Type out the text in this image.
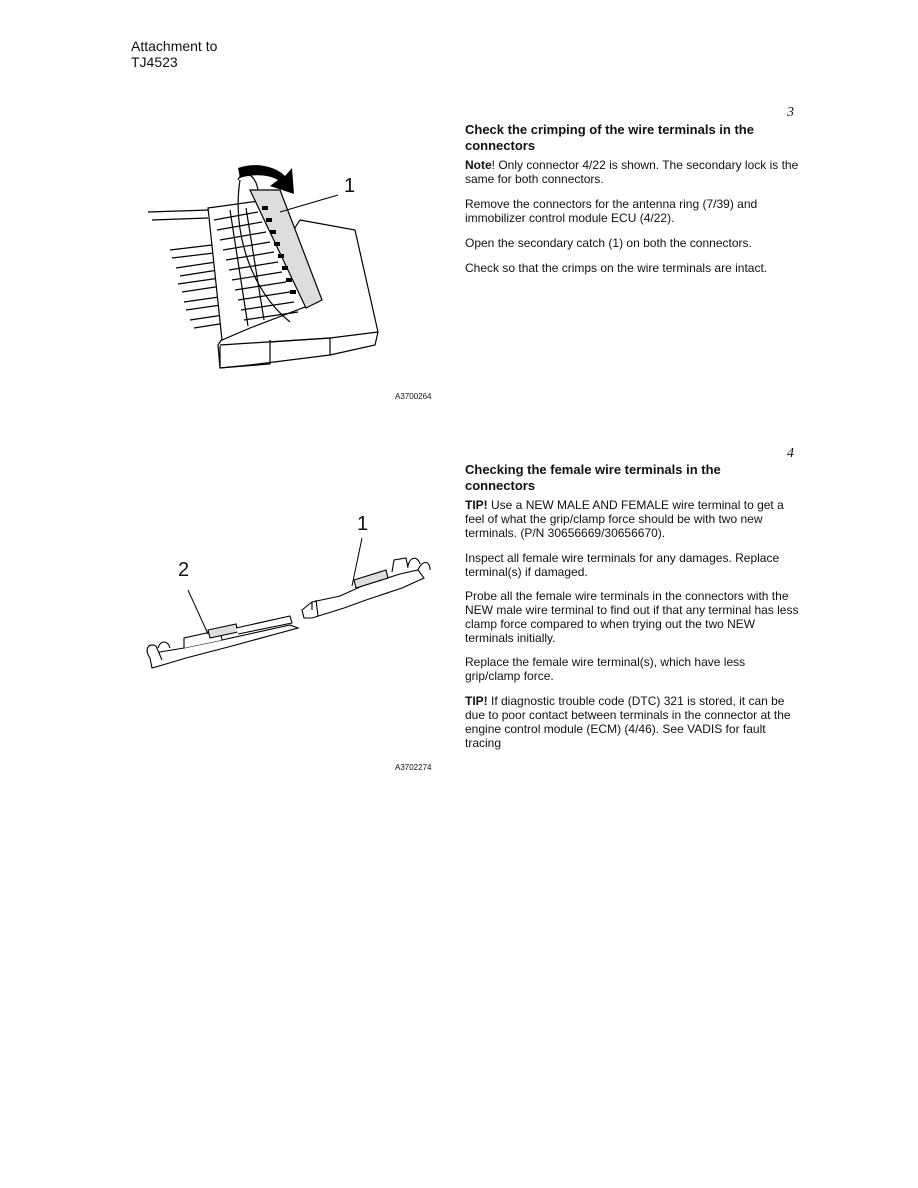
Attachment to
TJ4523
3
Check the crimping of the wire terminals in the connectors
Note! Only connector 4/22 is shown. The secondary lock is the same for both connectors.
Remove the connectors for the antenna ring (7/39) and immobilizer control module ECU (4/22).
Open the secondary catch (1) on both the connectors.
Check so that the crimps on the wire terminals are intact.
1
A3700264
4
Checking the female wire terminals in the connectors
TIP! Use a NEW MALE AND FEMALE wire terminal to get a feel of what the grip/clamp force should be with two new terminals. (P/N 30656669/30656670).
Inspect all female wire terminals for any damages. Replace terminal(s) if damaged.
Probe all the female wire terminals in the connectors with the NEW male wire terminal to find out if that any terminal has less clamp force compared to when trying out the two NEW terminals initially.
Replace the female wire terminal(s), which have less grip/clamp force.
TIP! If diagnostic trouble code (DTC) 321 is stored, it can be due to poor contact between terminals in the connector at the engine control module (ECM) (4/46). See VADIS for fault tracing
1
2
A3702274
